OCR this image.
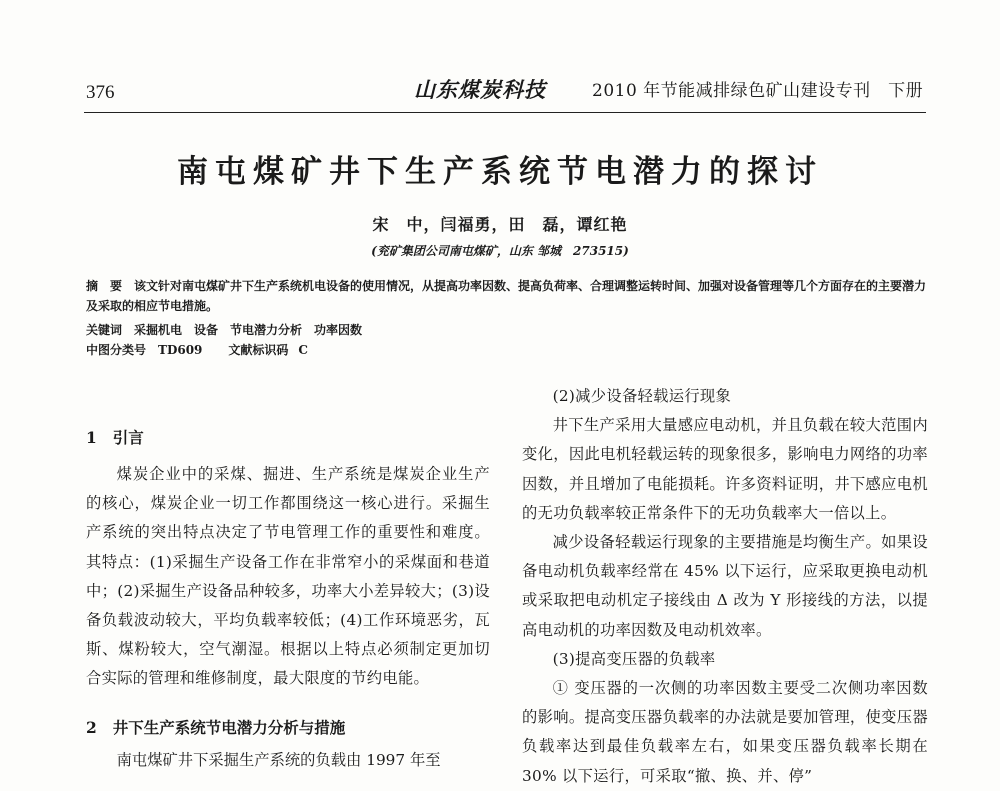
376	山东煤炭科技	2010 年节能减排绿色矿山建设专刊　下册
南屯煤矿井下生产系统节电潜力的探讨
宋　中，闫福勇，田　磊，谭红艳
(兖矿集团公司南屯煤矿，山东 邹城　273515)
摘　要 该文针对南屯煤矿井下生产系统机电设备的使用情况，从提高功率因数、提高负荷率、合理调整运转时间、加强对设备管理等几个方面存在的主要潜力及采取的相应节电措施。
关键词 采掘机电　设备　节电潜力分析　功率因数
中图分类号 TD609 文献标识码 C
1 引言

煤炭企业中的采煤、掘进、生产系统是煤炭企业生产的核心，煤炭企业一切工作都围绕这一核心进行。采掘生产系统的突出特点决定了节电管理工作的重要性和难度。其特点：(1)采掘生产设备工作在非常窄小的采煤面和巷道中；(2)采掘生产设备品种较多，功率大小差异较大；(3)设备负载波动较大，平均负载率较低；(4)工作环境恶劣，瓦斯、煤粉较大，空气潮湿。根据以上特点必须制定更加切合实际的管理和维修制度，最大限度的节约电能。

2 井下生产系统节电潜力分析与措施

南屯煤矿井下采掘生产系统的负载由 1997 年至

(2)减少设备轻载运行现象

井下生产采用大量感应电动机，并且负载在较大范围内变化，因此电机轻载运转的现象很多，影响电力网络的功率因数，并且增加了电能损耗。许多资料证明，井下感应电机的无功负载率较正常条件下的无功负载率大一倍以上。

减少设备轻载运行现象的主要措施是均衡生产。如果设备电动机负载率经常在 45% 以下运行，应采取更换电动机或采取把电动机定子接线由 Δ 改为 Y 形接线的方法，以提高电动机的功率因数及电动机效率。

(3)提高变压器的负载率

① 变压器的一次侧的功率因数主要受二次侧功率因数的影响。提高变压器负载率的办法就是要加管理，使变压器负载率达到最佳负载率左右，如果变压器负载率长期在 30% 以下运行，可采取“撤、换、并、停”
